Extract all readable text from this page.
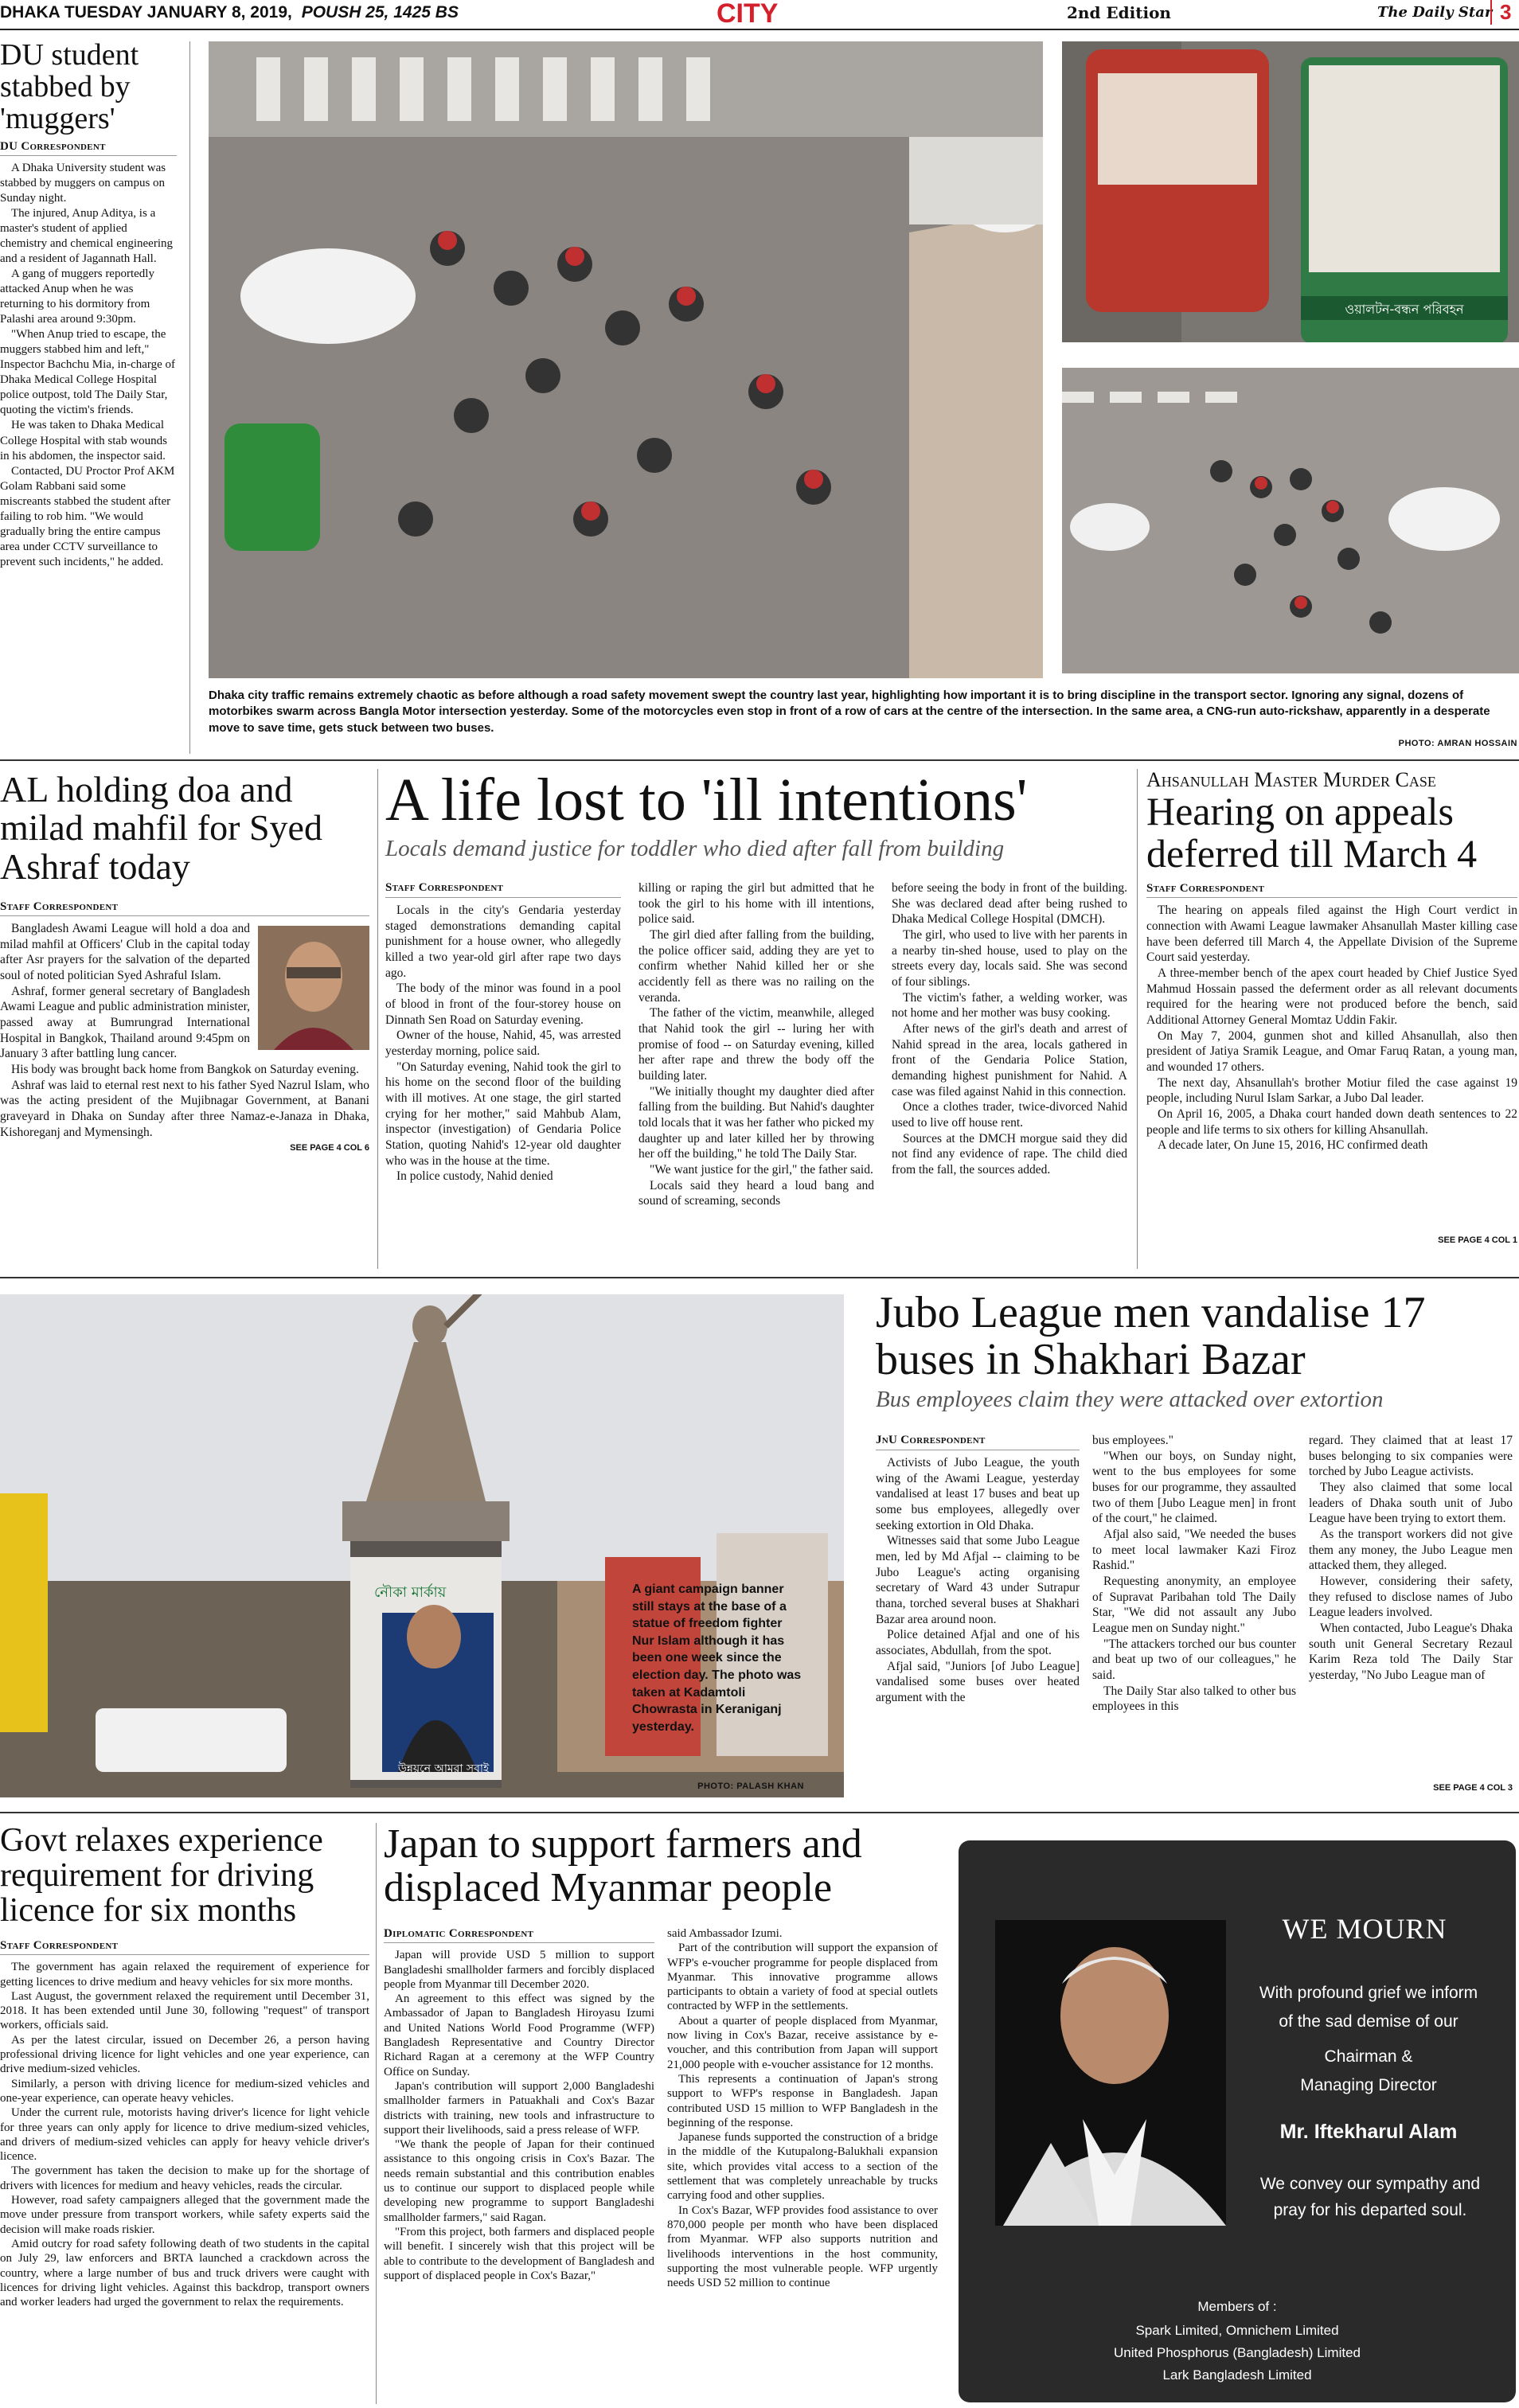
DHAKA TUESDAY JANUARY 8, 2019, POUSH 25, 1425 BS	CITY	2nd Edition	The Daily Star 3
DU student stabbed by 'muggers'
DU Correspondent

A Dhaka University student was stabbed by muggers on campus on Sunday night.

The injured, Anup Aditya, is a master's student of applied chemistry and chemical engineering and a resident of Jagannath Hall.

A gang of muggers reportedly attacked Anup when he was returning to his dormitory from Palashi area around 9:30pm.

"When Anup tried to escape, the muggers stabbed him and left," Inspector Bachchu Mia, in-charge of Dhaka Medical College Hospital police outpost, told The Daily Star, quoting the victim's friends.

He was taken to Dhaka Medical College Hospital with stab wounds in his abdomen, the inspector said.

Contacted, DU Proctor Prof AKM Golam Rabbani said some miscreants stabbed the student after failing to rob him. "We would gradually bring the entire campus area under CCTV surveillance to prevent such incidents," he added.

ওয়ালটন-বন্ধন পরিবহন
Dhaka city traffic remains extremely chaotic as before although a road safety movement swept the country last year, highlighting how important it is to bring discipline in the transport sector. Ignoring any signal, dozens of motorbikes swarm across Bangla Motor intersection yesterday. Some of the motorcycles even stop in front of a row of cars at the centre of the intersection. In the same area, a CNG-run auto-rickshaw, apparently in a desperate move to save time, gets stuck between two buses.
PHOTO: AMRAN HOSSAIN
AL holding doa and milad mahfil for Syed Ashraf today
Staff Correspondent

Bangladesh Awami League will hold a doa and milad mahfil at Officers' Club in the capital today after Asr prayers for the salvation of the departed soul of noted politician Syed Ashraful Islam.

Ashraf, former general secretary of Bangladesh Awami League and public administration minister, passed away at Bumrungrad International Hospital in Bangkok, Thailand around 9:45pm on January 3 after battling lung cancer.

His body was brought back home from Bangkok on Saturday evening.

Ashraf was laid to eternal rest next to his father Syed Nazrul Islam, who was the acting president of the Mujibnagar Government, at Banani graveyard in Dhaka on Sunday after three Namaz-e-Janaza in Dhaka, Kishoreganj and Mymensingh.

SEE PAGE 4 COL 6
A life lost to 'ill intentions'
Locals demand justice for toddler who died after fall from building
Staff Correspondent

Locals in the city's Gendaria yesterday staged demonstrations demanding capital punishment for a house owner, who allegedly killed a two year-old girl after rape two days ago.

The body of the minor was found in a pool of blood in front of the four-storey house on Dinnath Sen Road on Saturday evening.

Owner of the house, Nahid, 45, was arrested yesterday morning, police said.

"On Saturday evening, Nahid took the girl to his home on the second floor of the building with ill motives. At one stage, the girl started crying for her mother," said Mahbub Alam, inspector (investigation) of Gendaria Police Station, quoting Nahid's 12-year old daughter who was in the house at the time.

In police custody, Nahid denied

killing or raping the girl but admitted that he took the girl to his home with ill intentions, police said.

The girl died after falling from the building, the police officer said, adding they are yet to confirm whether Nahid killed her or she accidently fell as there was no railing on the veranda.

The father of the victim, meanwhile, alleged that Nahid took the girl -- luring her with promise of food -- on Saturday evening, killed her after rape and threw the body off the building later.

"We initially thought my daughter died after falling from the building. But Nahid's daughter told locals that it was her father who picked my daughter up and later killed her by throwing her off the building," he told The Daily Star.

"We want justice for the girl," the father said.

Locals said they heard a loud bang and sound of screaming, seconds

before seeing the body in front of the building. She was declared dead after being rushed to Dhaka Medical College Hospital (DMCH).

The girl, who used to live with her parents in a nearby tin-shed house, used to play on the streets every day, locals said. She was second of four siblings.

The victim's father, a welding worker, was not home and her mother was busy cooking.

After news of the girl's death and arrest of Nahid spread in the area, locals gathered in front of the Gendaria Police Station, demanding highest punishment for Nahid. A case was filed against Nahid in this connection.

Once a clothes trader, twice-divorced Nahid used to live off house rent.

Sources at the DMCH morgue said they did not find any evidence of rape. The child died from the fall, the sources added.

Ahsanullah Master Murder Case
Hearing on appeals deferred till March 4
Staff Correspondent

The hearing on appeals filed against the High Court verdict in connection with Awami League lawmaker Ahsanullah Master killing case have been deferred till March 4, the Appellate Division of the Supreme Court said yesterday.

A three-member bench of the apex court headed by Chief Justice Syed Mahmud Hossain passed the deferment order as all relevant documents required for the hearing were not produced before the bench, said Additional Attorney General Momtaz Uddin Fakir.

On May 7, 2004, gunmen shot and killed Ahsanullah, also then president of Jatiya Sramik League, and Omar Faruq Ratan, a young man, and wounded 17 others.

The next day, Ahsanullah's brother Motiur filed the case against 19 people, including Nurul Islam Sarkar, a Jubo Dal leader.

On April 16, 2005, a Dhaka court handed down death sentences to 22 people and life terms to six others for killing Ahsanullah.

A decade later, On June 15, 2016, HC confirmed death

SEE PAGE 4 COL 1
নৌকা মার্কায়
উন্নয়নে আমরা সবাই
A giant campaign banner still stays at the base of a statue of freedom fighter Nur Islam although it has been one week since the election day. The photo was taken at Kadamtoli Chowrasta in Keraniganj yesterday.
PHOTO: PALASH KHAN
Jubo League men vandalise 17 buses in Shakhari Bazar
Bus employees claim they were attacked over extortion
JnU Correspondent

Activists of Jubo League, the youth wing of the Awami League, yesterday vandalised at least 17 buses and beat up some bus employees, allegedly over seeking extortion in Old Dhaka.

Witnesses said that some Jubo League men, led by Md Afjal -- claiming to be Jubo League's acting organising secretary of Ward 43 under Sutrapur thana, torched several buses at Shakhari Bazar area around noon.

Police detained Afjal and one of his associates, Abdullah, from the spot.

Afjal said, "Juniors [of Jubo League] vandalised some buses over heated argument with the

bus employees."

"When our boys, on Sunday night, went to the bus employees for some buses for our programme, they assaulted two of them [Jubo League men] in front of the court," he claimed.

Afjal also said, "We needed the buses to meet local lawmaker Kazi Firoz Rashid."

Requesting anonymity, an employee of Supravat Paribahan told The Daily Star, "We did not assault any Jubo League men on Sunday night."

"The attackers torched our bus counter and beat up two of our colleagues," he said.

The Daily Star also talked to other bus employees in this

regard. They claimed that at least 17 buses belonging to six companies were torched by Jubo League activists.

They also claimed that some local leaders of Dhaka south unit of Jubo League have been trying to extort them.

As the transport workers did not give them any money, the Jubo League men attacked them, they alleged.

However, considering their safety, they refused to disclose names of Jubo League leaders involved.

When contacted, Jubo League's Dhaka south unit General Secretary Rezaul Karim Reza told The Daily Star yesterday, "No Jubo League man of

SEE PAGE 4 COL 3
Govt relaxes experience requirement for driving licence for six months
Staff Correspondent

The government has again relaxed the requirement of experience for getting licences to drive medium and heavy vehicles for six more months.

Last August, the government relaxed the requirement until December 31, 2018. It has been extended until June 30, following "request" of transport workers, officials said.

As per the latest circular, issued on December 26, a person having professional driving licence for light vehicles and one year experience, can drive medium-sized vehicles.

Similarly, a person with driving licence for medium-sized vehicles and one-year experience, can operate heavy vehicles.

Under the current rule, motorists having driver's licence for light vehicle for three years can only apply for licence to drive medium-sized vehicles, and drivers of medium-sized vehicles can apply for heavy vehicle driver's licence.

The government has taken the decision to make up for the shortage of drivers with licences for medium and heavy vehicles, reads the circular.

However, road safety campaigners alleged that the government made the move under pressure from transport workers, while safety experts said the decision will make roads riskier.

Amid outcry for road safety following death of two students in the capital on July 29, law enforcers and BRTA launched a crackdown across the country, where a large number of bus and truck drivers were caught with licences for driving light vehicles. Against this backdrop, transport owners and worker leaders had urged the government to relax the requirements.

Japan to support farmers and displaced Myanmar people
Diplomatic Correspondent

Japan will provide USD 5 million to support Bangladeshi smallholder farmers and forcibly displaced people from Myanmar till December 2020.

An agreement to this effect was signed by the Ambassador of Japan to Bangladesh Hiroyasu Izumi and United Nations World Food Programme (WFP) Bangladesh Representative and Country Director Richard Ragan at a ceremony at the WFP Country Office on Sunday.

Japan's contribution will support 2,000 Bangladeshi smallholder farmers in Patuakhali and Cox's Bazar districts with training, new tools and infrastructure to support their livelihoods, said a press release of WFP.

"We thank the people of Japan for their continued assistance to this ongoing crisis in Cox's Bazar. The needs remain substantial and this contribution enables us to continue our support to displaced people while developing new programme to support Bangladeshi smallholder farmers," said Ragan.

"From this project, both farmers and displaced people will benefit. I sincerely wish that this project will be able to contribute to the development of Bangladesh and support of displaced people in Cox's Bazar,"

said Ambassador Izumi.

Part of the contribution will support the expansion of WFP's e-voucher programme for people displaced from Myanmar. This innovative programme allows participants to obtain a variety of food at special outlets contracted by WFP in the settlements.

About a quarter of people displaced from Myanmar, now living in Cox's Bazar, receive assistance by e-voucher, and this contribution from Japan will support 21,000 people with e-voucher assistance for 12 months.

This represents a continuation of Japan's strong support to WFP's response in Bangladesh. Japan contributed USD 15 million to WFP Bangladesh in the beginning of the response.

Japanese funds supported the construction of a bridge in the middle of the Kutupalong-Balukhali expansion site, which provides vital access to a section of the settlement that was completely unreachable by trucks carrying food and other supplies.

In Cox's Bazar, WFP provides food assistance to over 870,000 people per month who have been displaced from Myanmar. WFP also supports nutrition and livelihoods interventions in the host community, supporting the most vulnerable people. WFP urgently needs USD 52 million to continue

WE MOURN
With profound grief we inform of the sad demise of our
Chairman &
Managing Director
Mr. Iftekharul Alam
We convey our sympathy and pray for his departed soul.
Members of :
Spark Limited, Omnichem Limited
United Phosphorus (Bangladesh) Limited
Lark Bangladesh Limited
